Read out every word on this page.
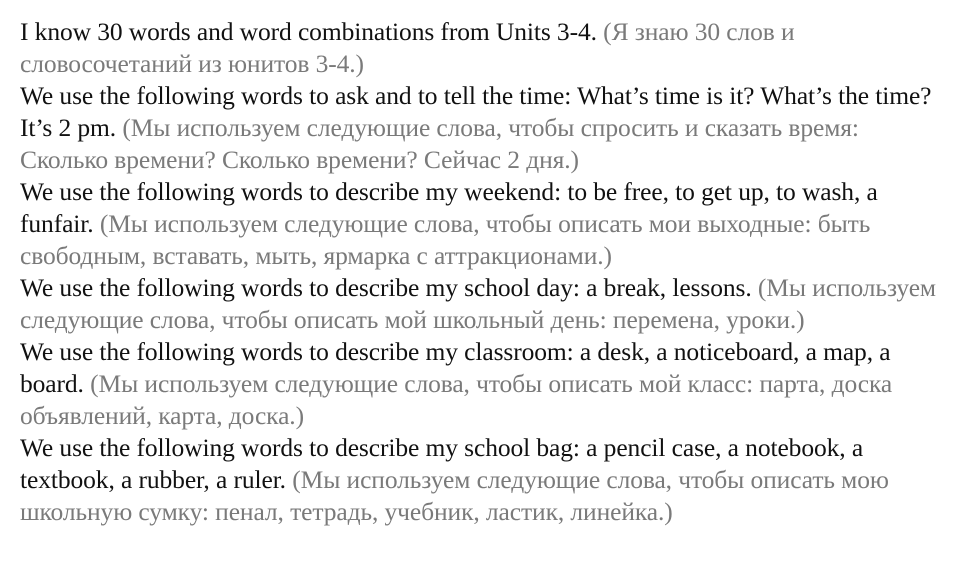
I know 30 words and word combinations from Units 3-4. (Я знаю 30 слов и словосочетаний из юнитов 3-4.)

We use the following words to ask and to tell the time: What’s time is it? What’s the time? It’s 2 pm. (Мы используем следующие слова, чтобы спросить и сказать время: Сколько времени? Сколько времени? Сейчас 2 дня.)

We use the following words to describe my weekend: to be free, to get up, to wash, a funfair. (Мы используем следующие слова, чтобы описать мои выходные: быть свободным, вставать, мыть, ярмарка с аттракционами.)

We use the following words to describe my school day: a break, lessons. (Мы используем следующие слова, чтобы описать мой школьный день: перемена, уроки.)

We use the following words to describe my classroom: a desk, a noticeboard, a map, a board. (Мы используем следующие слова, чтобы описать мой класс: парта, доска объявлений, карта, доска.)

We use the following words to describe my school bag: a pencil case, a notebook, a textbook, a rubber, a ruler. (Мы используем следующие слова, чтобы описать мою школьную сумку: пенал, тетрадь, учебник, ластик, линейка.)
